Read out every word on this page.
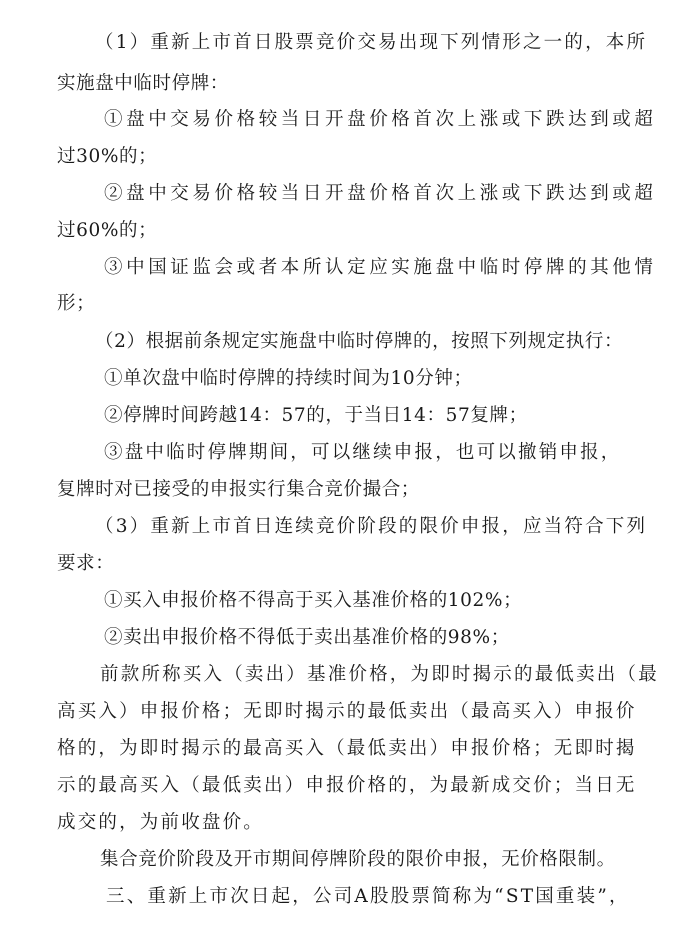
（1）重新上市首日股票竞价交易出现下列情形之一的，本所
实施盘中临时停牌：
①盘中交易价格较当日开盘价格首次上涨或下跌达到或超
过30%的；
②盘中交易价格较当日开盘价格首次上涨或下跌达到或超
过60%的；
③中国证监会或者本所认定应实施盘中临时停牌的其他情
形；
（2）根据前条规定实施盘中临时停牌的，按照下列规定执行：
①单次盘中临时停牌的持续时间为10分钟；
②停牌时间跨越14：57的，于当日14：57复牌；
③盘中临时停牌期间，可以继续申报，也可以撤销申报，
复牌时对已接受的申报实行集合竞价撮合；
（3）重新上市首日连续竞价阶段的限价申报，应当符合下列
要求：
①买入申报价格不得高于买入基准价格的102%；
②卖出申报价格不得低于卖出基准价格的98%；
前款所称买入（卖出）基准价格，为即时揭示的最低卖出（最
高买入）申报价格；无即时揭示的最低卖出（最高买入）申报价
格的，为即时揭示的最高买入（最低卖出）申报价格；无即时揭
示的最高买入（最低卖出）申报价格的，为最新成交价；当日无
成交的，为前收盘价。
集合竞价阶段及开市期间停牌阶段的限价申报，无价格限制。
三、重新上市次日起，公司A股股票简称为“ST国重装”，
